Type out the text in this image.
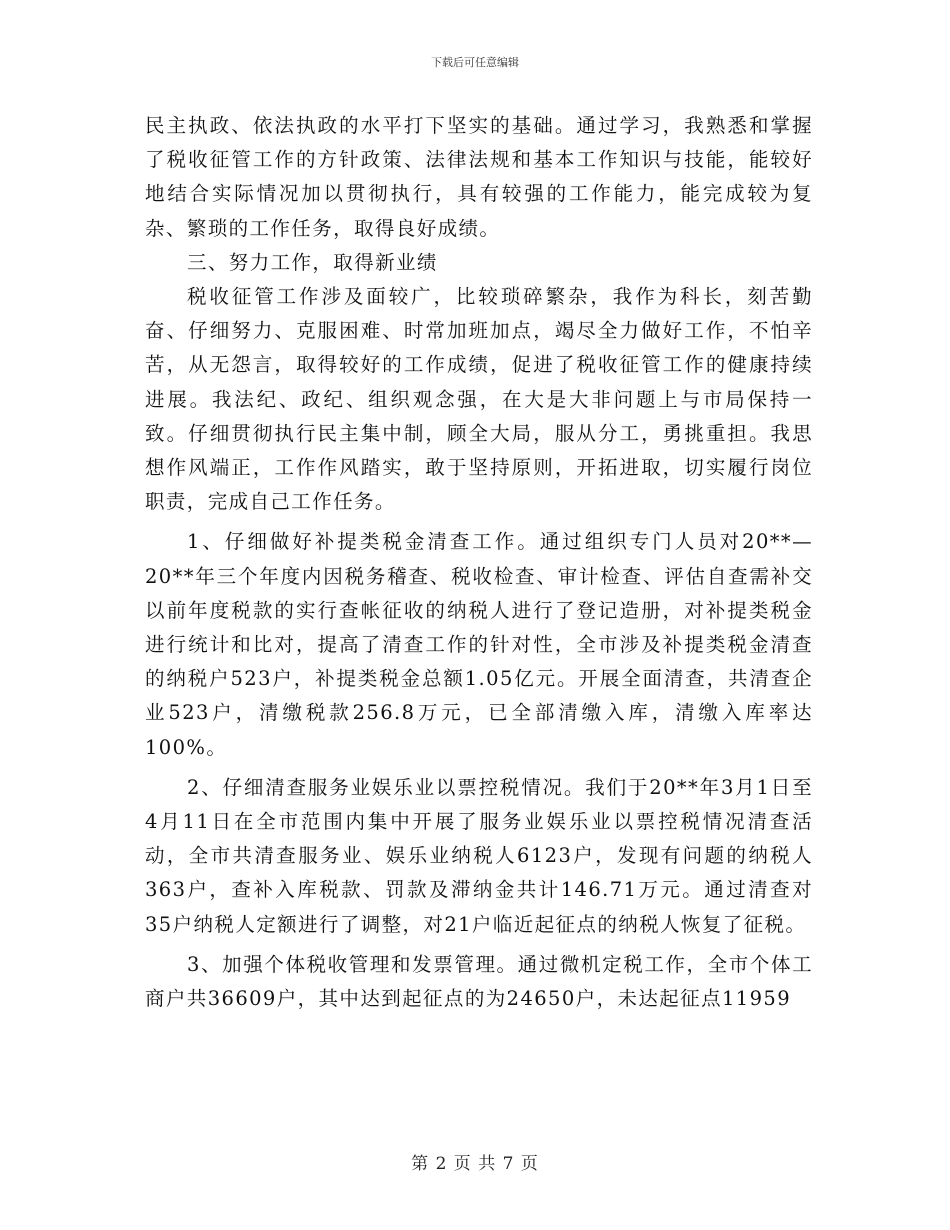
下载后可任意编辑

民主执政、依法执政的水平打下坚实的基础。通过学习，我熟悉和掌握了税收征管工作的方针政策、法律法规和基本工作知识与技能，能较好地结合实际情况加以贯彻执行，具有较强的工作能力，能完成较为复杂、繁琐的工作任务，取得良好成绩。

三、努力工作，取得新业绩

税收征管工作涉及面较广，比较琐碎繁杂，我作为科长，刻苦勤奋、仔细努力、克服困难、时常加班加点，竭尽全力做好工作，不怕辛苦，从无怨言，取得较好的工作成绩，促进了税收征管工作的健康持续进展。我法纪、政纪、组织观念强，在大是大非问题上与市局保持一致。仔细贯彻执行民主集中制，顾全大局，服从分工，勇挑重担。我思想作风端正，工作作风踏实，敢于坚持原则，开拓进取，切实履行岗位职责，完成自己工作任务。

1、仔细做好补提类税金清查工作。通过组织专门人员对20**—20**年三个年度内因税务稽查、税收检查、审计检查、评估自查需补交以前年度税款的实行查帐征收的纳税人进行了登记造册，对补提类税金进行统计和比对，提高了清查工作的针对性，全市涉及补提类税金清查的纳税户523户，补提类税金总额1.05亿元。开展全面清查，共清查企业523户，清缴税款256.8万元，已全部清缴入库，清缴入库率达100%。

2、仔细清查服务业娱乐业以票控税情况。我们于20**年3月1日至4月11日在全市范围内集中开展了服务业娱乐业以票控税情况清查活动，全市共清查服务业、娱乐业纳税人6123户，发现有问题的纳税人363户，查补入库税款、罚款及滞纳金共计146.71万元。通过清查对35户纳税人定额进行了调整，对21户临近起征点的纳税人恢复了征税。

3、加强个体税收管理和发票管理。通过微机定税工作，全市个体工商户共36609户，其中达到起征点的为24650户，未达起征点11959

第 2 页 共 7 页
